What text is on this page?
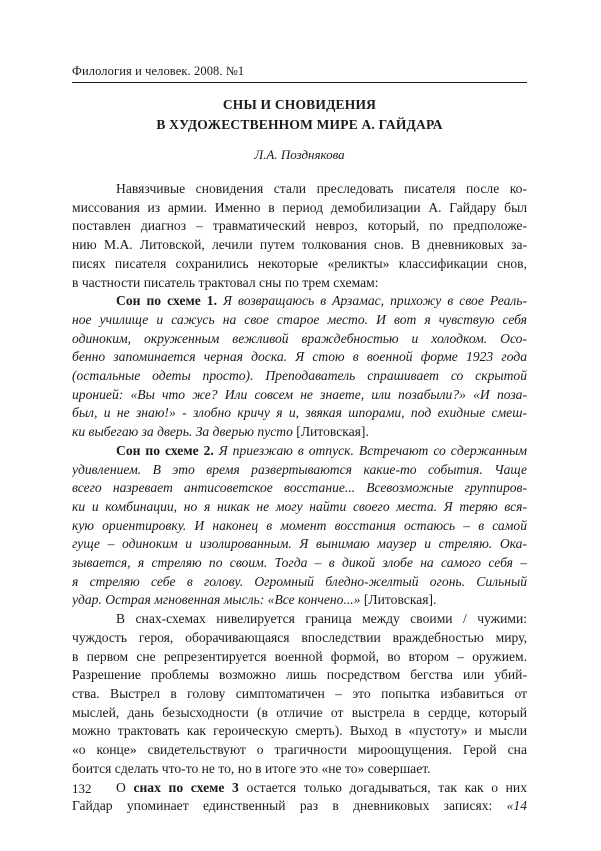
Филология и человек. 2008. №1
СНЫ И СНОВИДЕНИЯ
В ХУДОЖЕСТВЕННОМ МИРЕ А. ГАЙДАРА
Л.А. Позднякова
Навязчивые сновидения стали преследовать писателя после ко-
миссования из армии. Именно в период демобилизации А. Гайдару был
поставлен диагноз – травматический невроз, который, по предположе-
нию М.А. Литовской, лечили путем толкования снов. В дневниковых за-
писях писателя сохранились некоторые «реликты» классификации снов,
в частности писатель трактовал сны по трем схемам:
Сон по схеме 1. Я возвращаюсь в Арзамас, прихожу в свое Реаль-
ное училище и сажусь на свое старое место. И вот я чувствую себя
одиноким, окруженным вежливой враждебностью и холодком. Осо-
бенно запоминается черная доска. Я стою в военной форме 1923 года
(остальные одеты просто). Преподаватель спрашивает со скрытой
иронией: «Вы что же? Или совсем не знаете, или позабыли?» «И поза-
был, и не знаю!» - злобно кричу я и, звякая шпорами, под ехидные смеш-
ки выбегаю за дверь. За дверью пусто [Литовская].
Сон по схеме 2. Я приезжаю в отпуск. Встречают со сдержанным
удивлением. В это время развертываются какие-то события. Чаще
всего назревает антисоветское восстание... Всевозможные группиров-
ки и комбинации, но я никак не могу найти своего места. Я теряю вся-
кую ориентировку. И наконец в момент восстания остаюсь – в самой
гуще – одиноким и изолированным. Я вынимаю маузер и стреляю. Ока-
зывается, я стреляю по своим. Тогда – в дикой злобе на самого себя –
я стреляю себе в голову. Огромный бледно-желтый огонь. Сильный
удар. Острая мгновенная мысль: «Все кончено...» [Литовская].
В снах-схемах нивелируется граница между своими / чужими:
чуждость героя, оборачивающаяся впоследствии враждебностью миру,
в первом сне репрезентируется военной формой, во втором – оружием.
Разрешение проблемы возможно лишь посредством бегства или убий-
ства. Выстрел в голову симптоматичен – это попытка избавиться от
мыслей, дань безысходности (в отличие от выстрела в сердце, который
можно трактовать как героическую смерть). Выход в «пустоту» и мысли
«о конце» свидетельствуют о трагичности мироощущения. Герой сна
боится сделать что-то не то, но в итоге это «не то» совершает.
О снах по схеме 3 остается только догадываться, так как о них
Гайдар упоминает единственный раз в дневниковых записях: «14
132
